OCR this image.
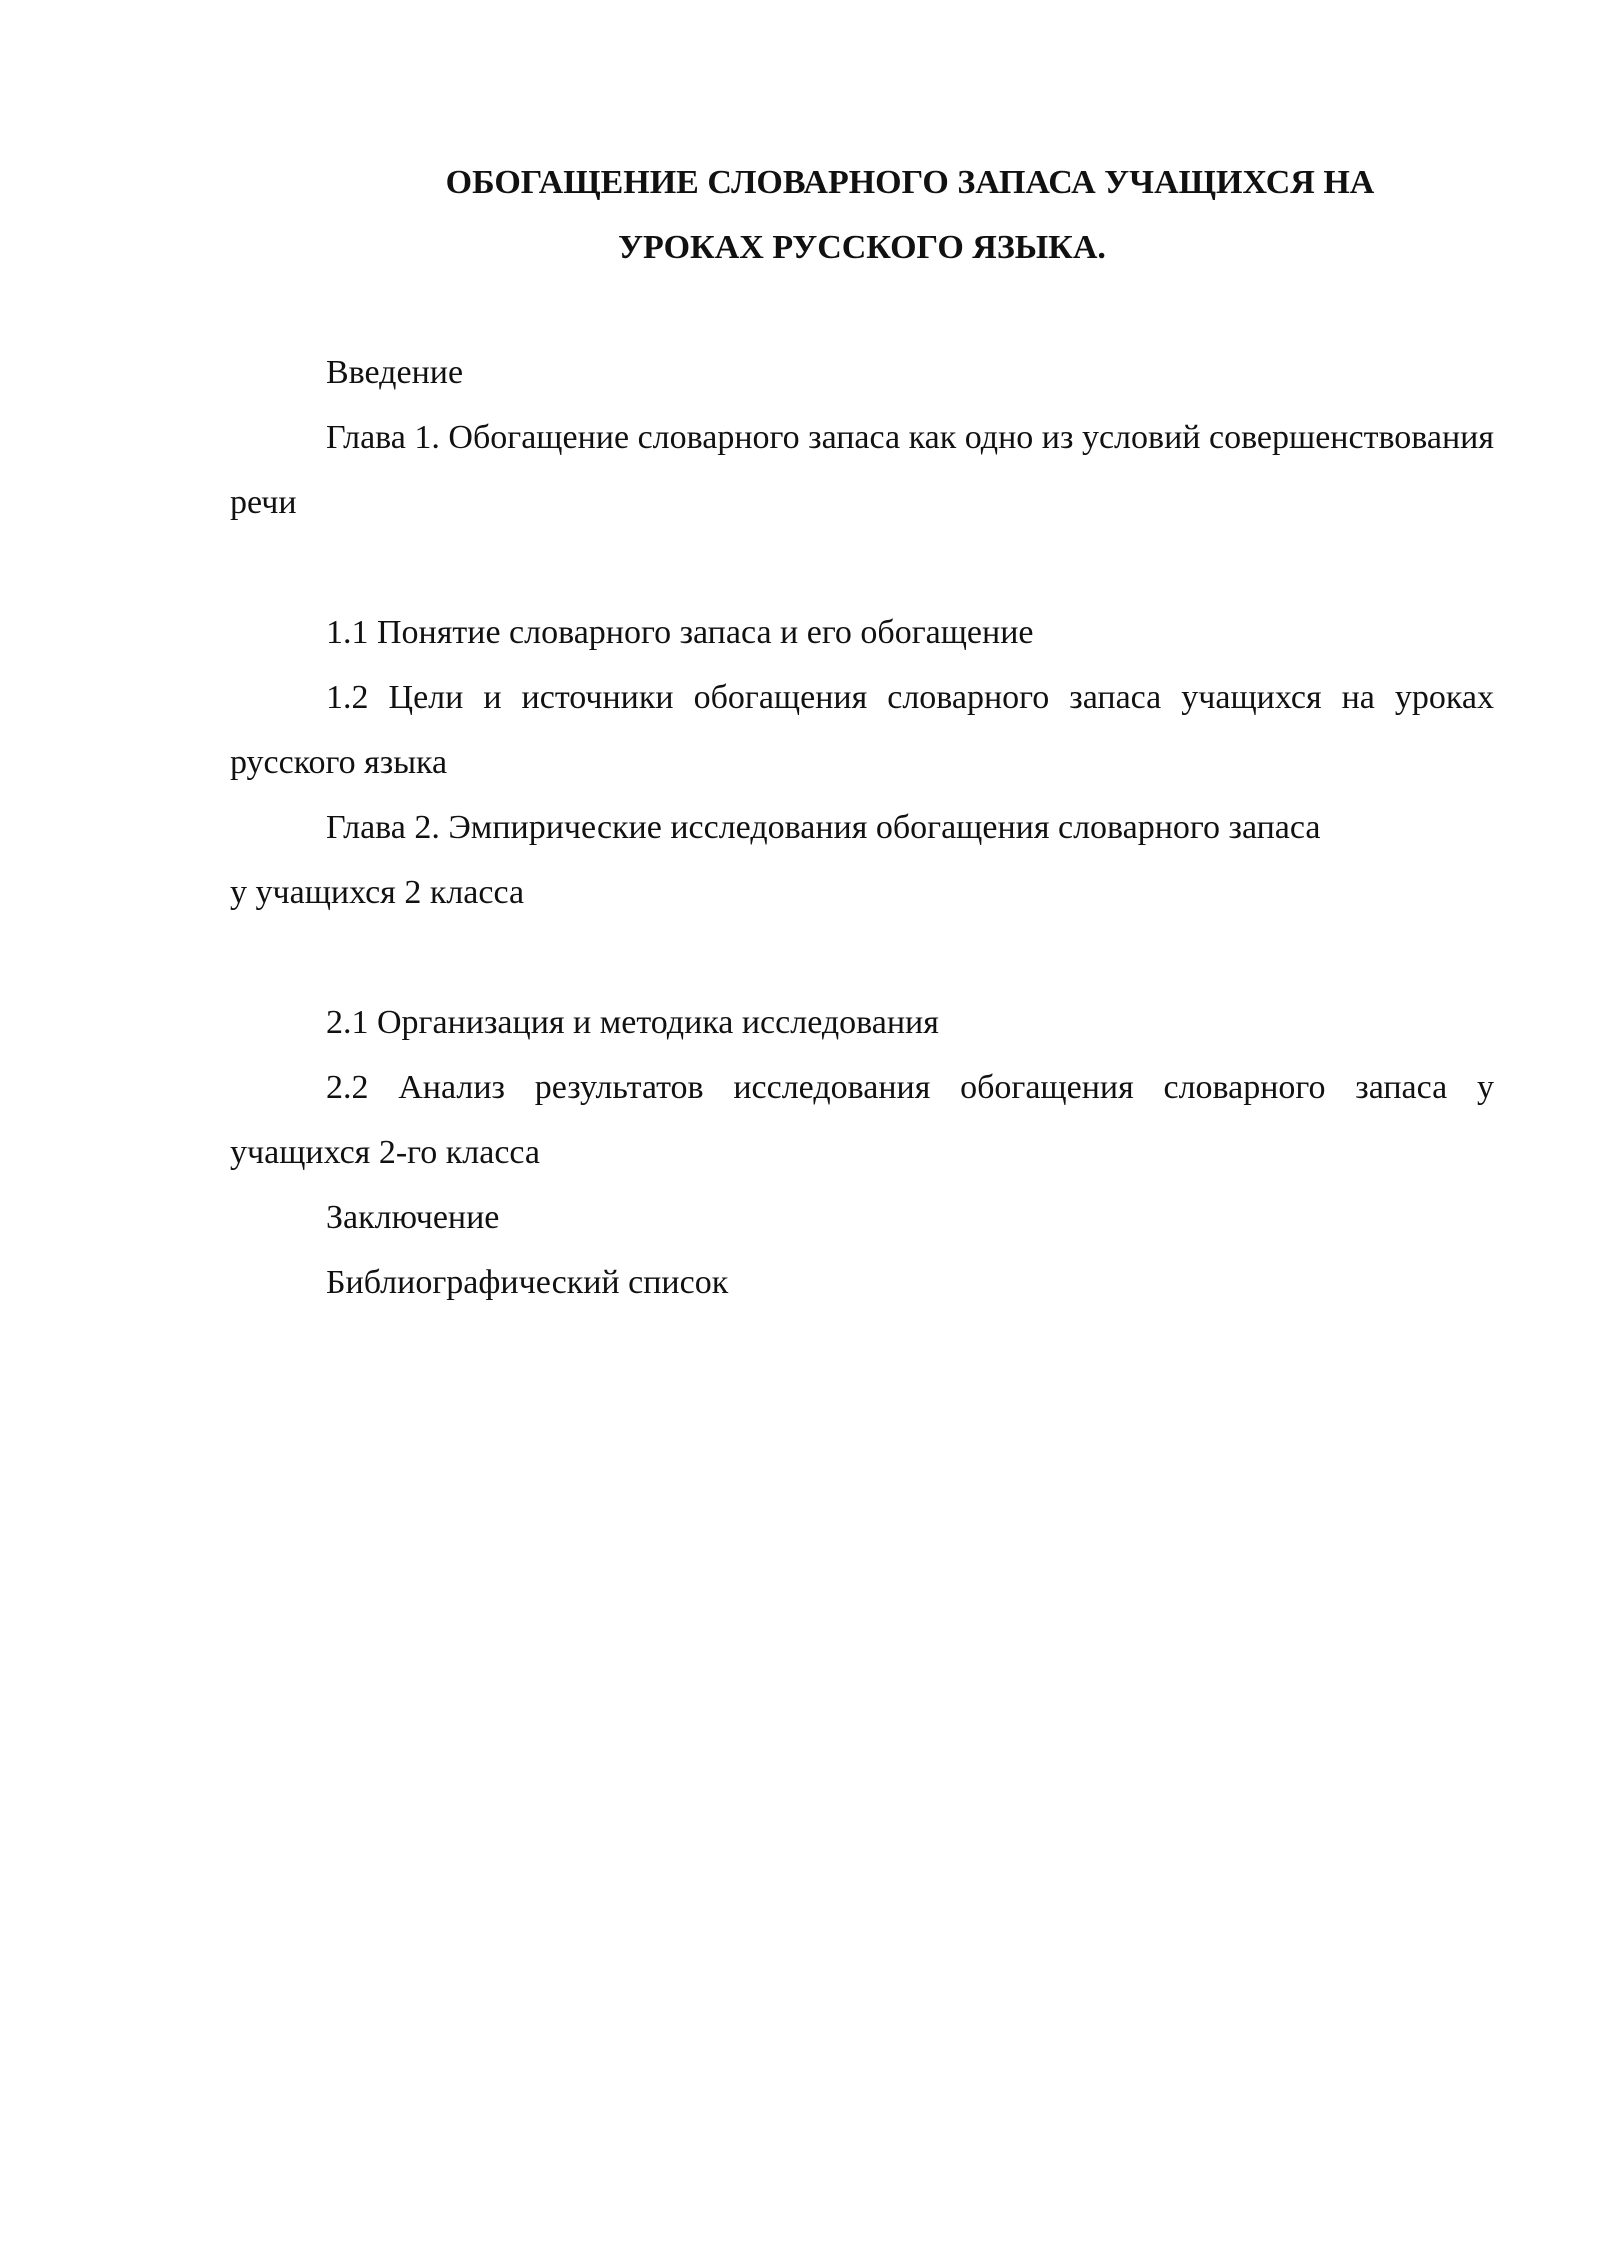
ОБОГАЩЕНИЕ СЛОВАРНОГО ЗАПАСА УЧАЩИХСЯ НА
УРОКАХ РУССКОГО ЯЗЫКА.

Введение

Глава 1. Обогащение словарного запаса как одно из условий совершенствования речи

1.1 Понятие словарного запаса и его обогащение

1.2 Цели и источники обогащения словарного запаса учащихся на уроках русского языка

Глава 2. Эмпирические исследования обогащения словарного запаса
у учащихся 2 класса

2.1 Организация и методика исследования

2.2 Анализ результатов исследования обогащения словарного запаса у учащихся 2-го класса

Заключение

Библиографический список
